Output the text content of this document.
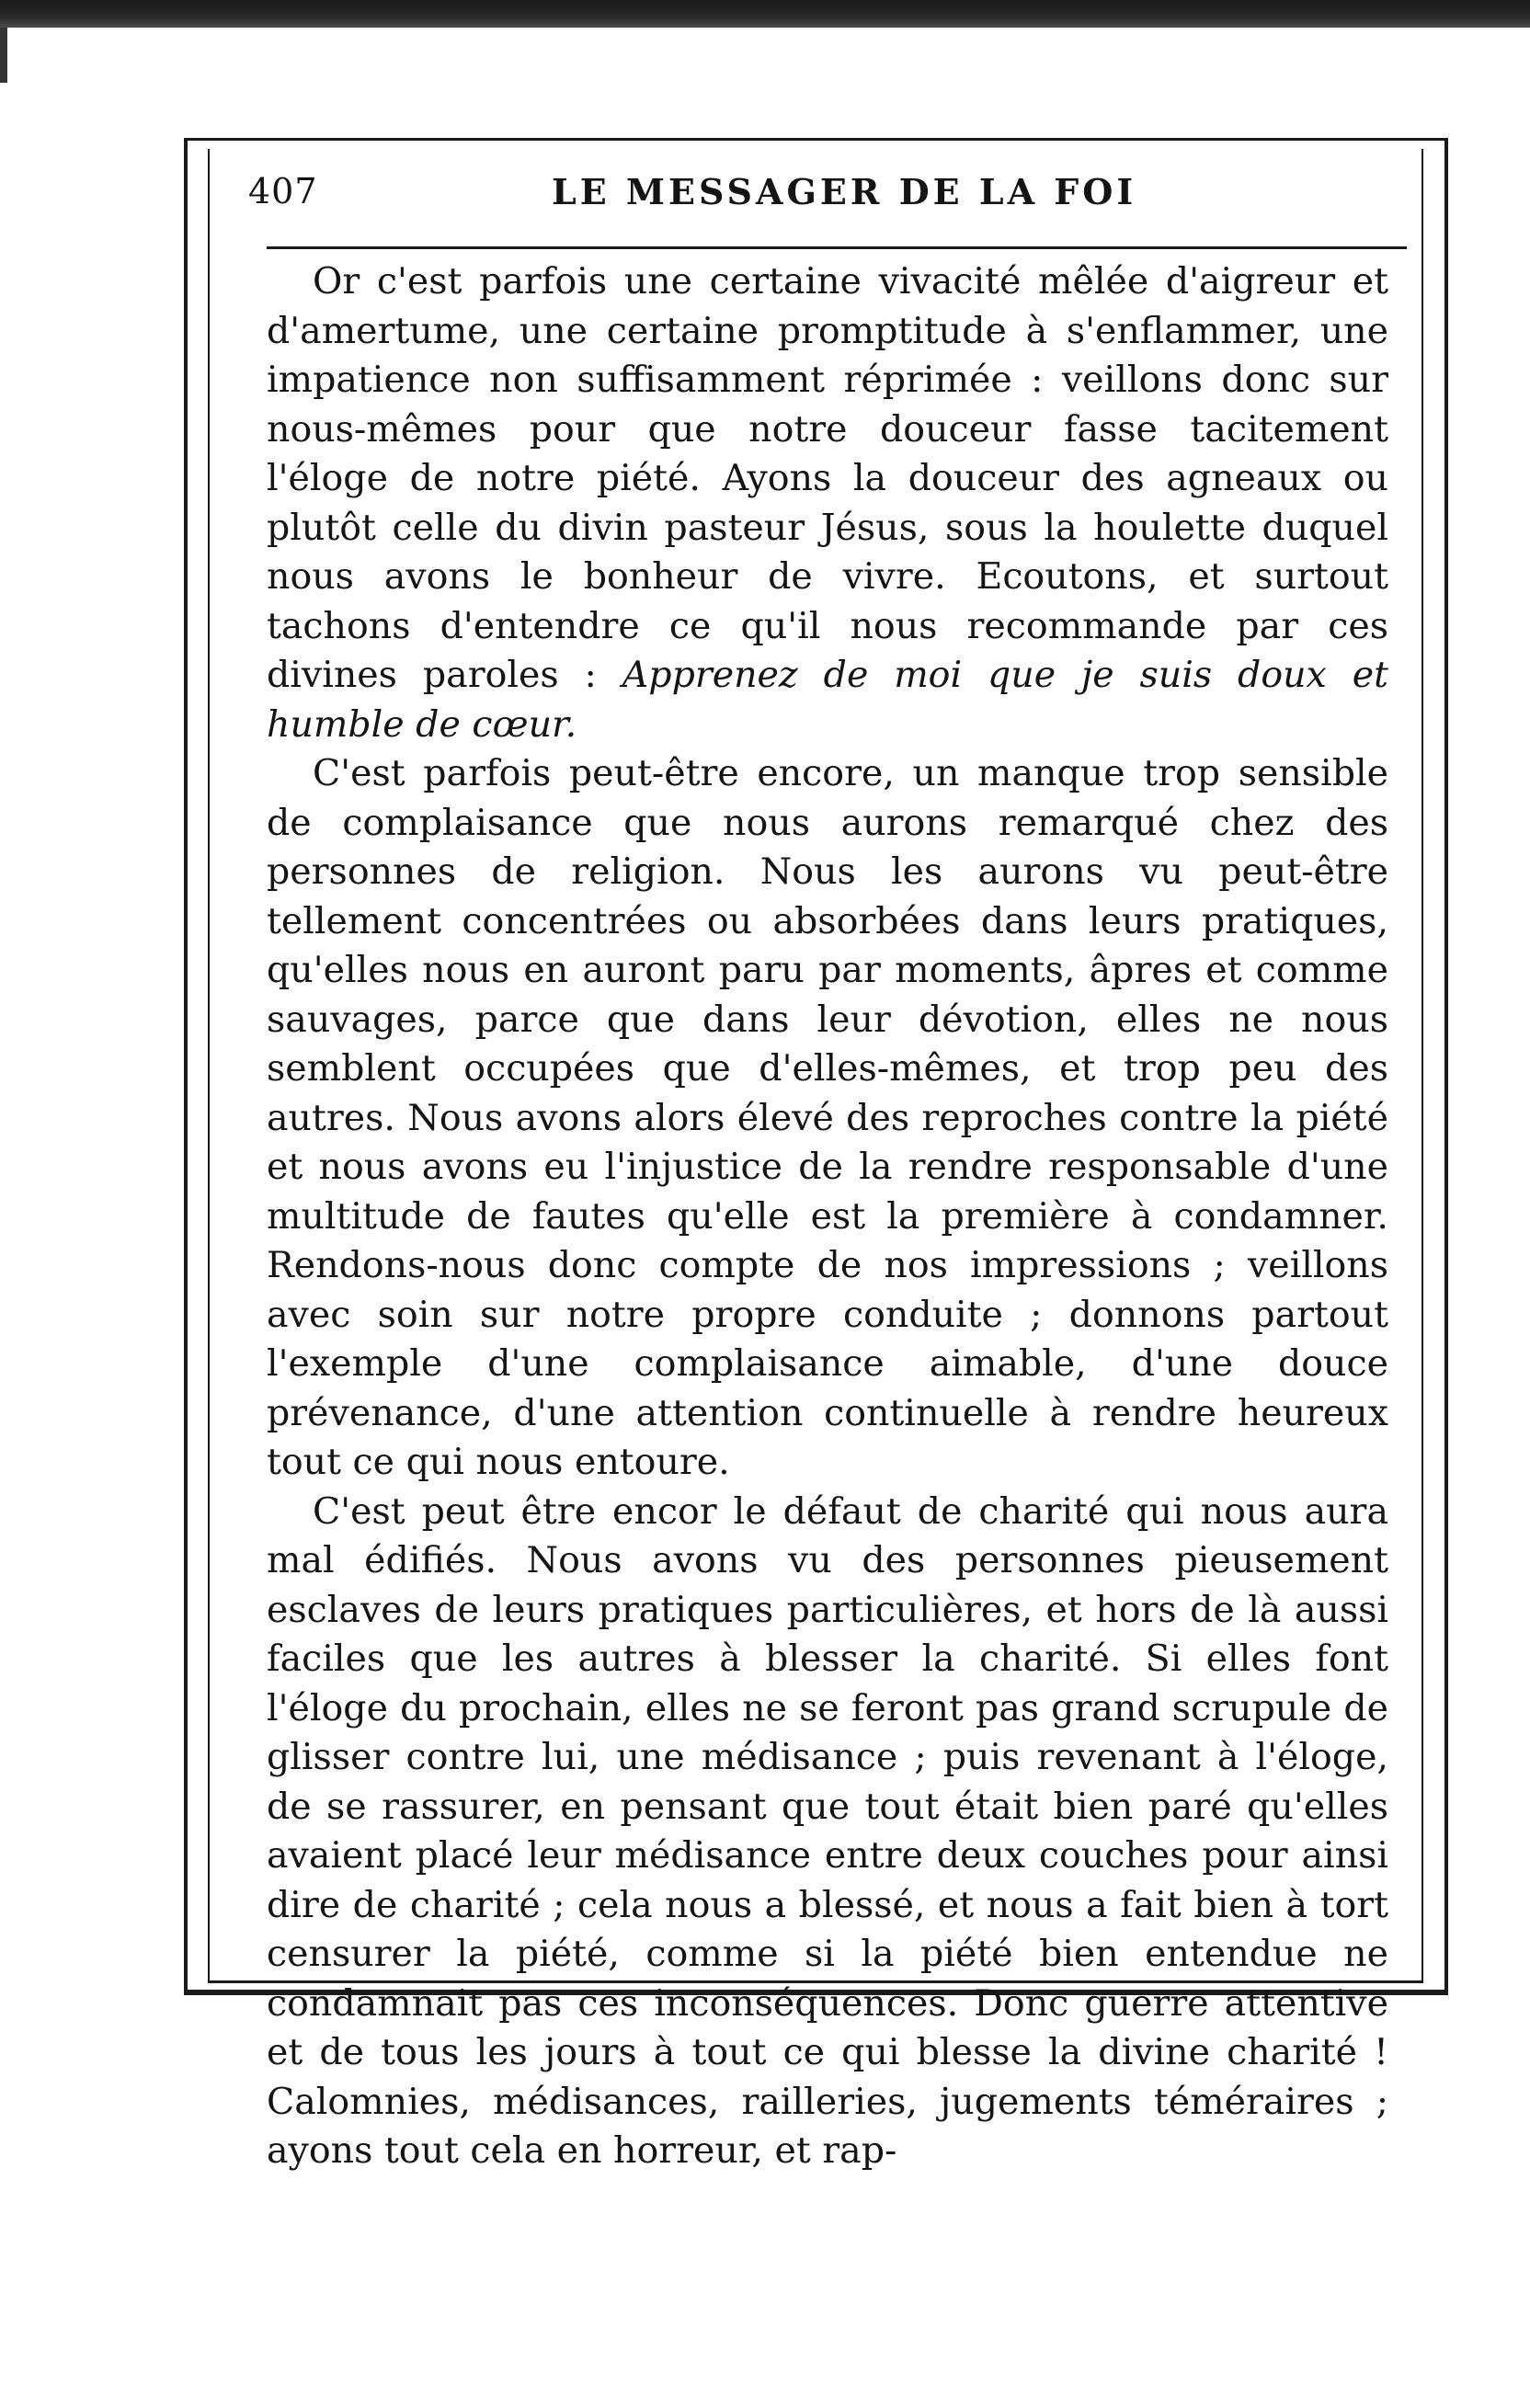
407	LE MESSAGER DE LA FOI

Or c'est parfois une certaine vivacité mêlée d'aigreur et d'amertume, une certaine promptitude à s'enflammer, une impatience non suffisamment réprimée : veillons donc sur nous-mêmes pour que notre douceur fasse tacitement l'éloge de notre piété. Ayons la douceur des agneaux ou plutôt celle du divin pasteur Jésus, sous la houlette duquel nous avons le bonheur de vivre. Ecoutons, et surtout tachons d'entendre ce qu'il nous recommande par ces divines paroles : Apprenez de moi que je suis doux et humble de cœur.

C'est parfois peut-être encore, un manque trop sensible de complaisance que nous aurons remarqué chez des personnes de religion. Nous les aurons vu peut-être tellement concentrées ou absorbées dans leurs pratiques, qu'elles nous en auront paru par moments, âpres et comme sauvages, parce que dans leur dévotion, elles ne nous semblent occupées que d'elles-mêmes, et trop peu des autres. Nous avons alors élevé des reproches contre la piété et nous avons eu l'injustice de la rendre responsable d'une multitude de fautes qu'elle est la première à condamner. Rendons-nous donc compte de nos impressions ; veillons avec soin sur notre propre conduite ; donnons partout l'exemple d'une complaisance aimable, d'une douce prévenance, d'une attention continuelle à rendre heureux tout ce qui nous entoure.

C'est peut être encor le défaut de charité qui nous aura mal édifiés. Nous avons vu des personnes pieusement esclaves de leurs pratiques particulières, et hors de là aussi faciles que les autres à blesser la charité. Si elles font l'éloge du prochain, elles ne se feront pas grand scrupule de glisser contre lui, une médisance ; puis revenant à l'éloge, de se rassurer, en pensant que tout était bien paré qu'elles avaient placé leur médisance entre deux couches pour ainsi dire de charité ; cela nous a blessé, et nous a fait bien à tort censurer la piété, comme si la piété bien entendue ne condamnait pas ces inconséquences. Donc guerre attentive et de tous les jours à tout ce qui blesse la divine charité ! Calomnies, médisances, railleries, jugements téméraires ; ayons tout cela en horreur, et rap-
